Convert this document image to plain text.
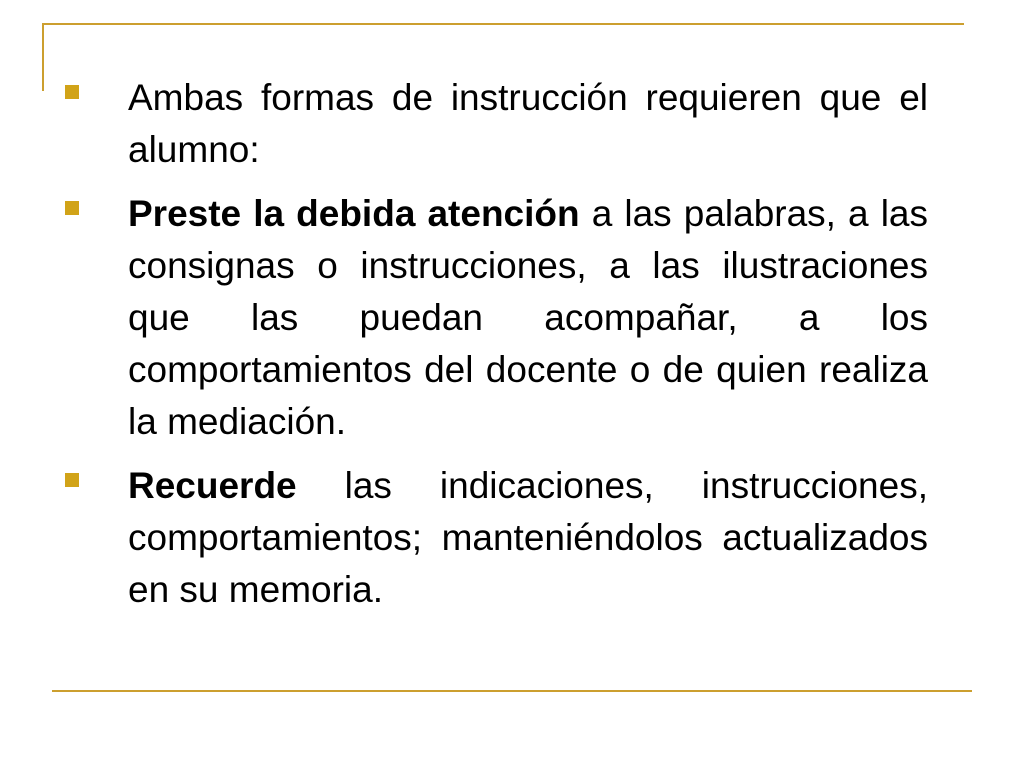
Ambas formas de instrucción requieren que el alumno:

Preste la debida atención a las palabras, a las consignas o instrucciones, a las ilustraciones que las puedan acompañar, a los comportamientos del docente o de quien realiza la mediación.

Recuerde las indicaciones, instrucciones, comportamientos; manteniéndolos actualizados en su memoria.
